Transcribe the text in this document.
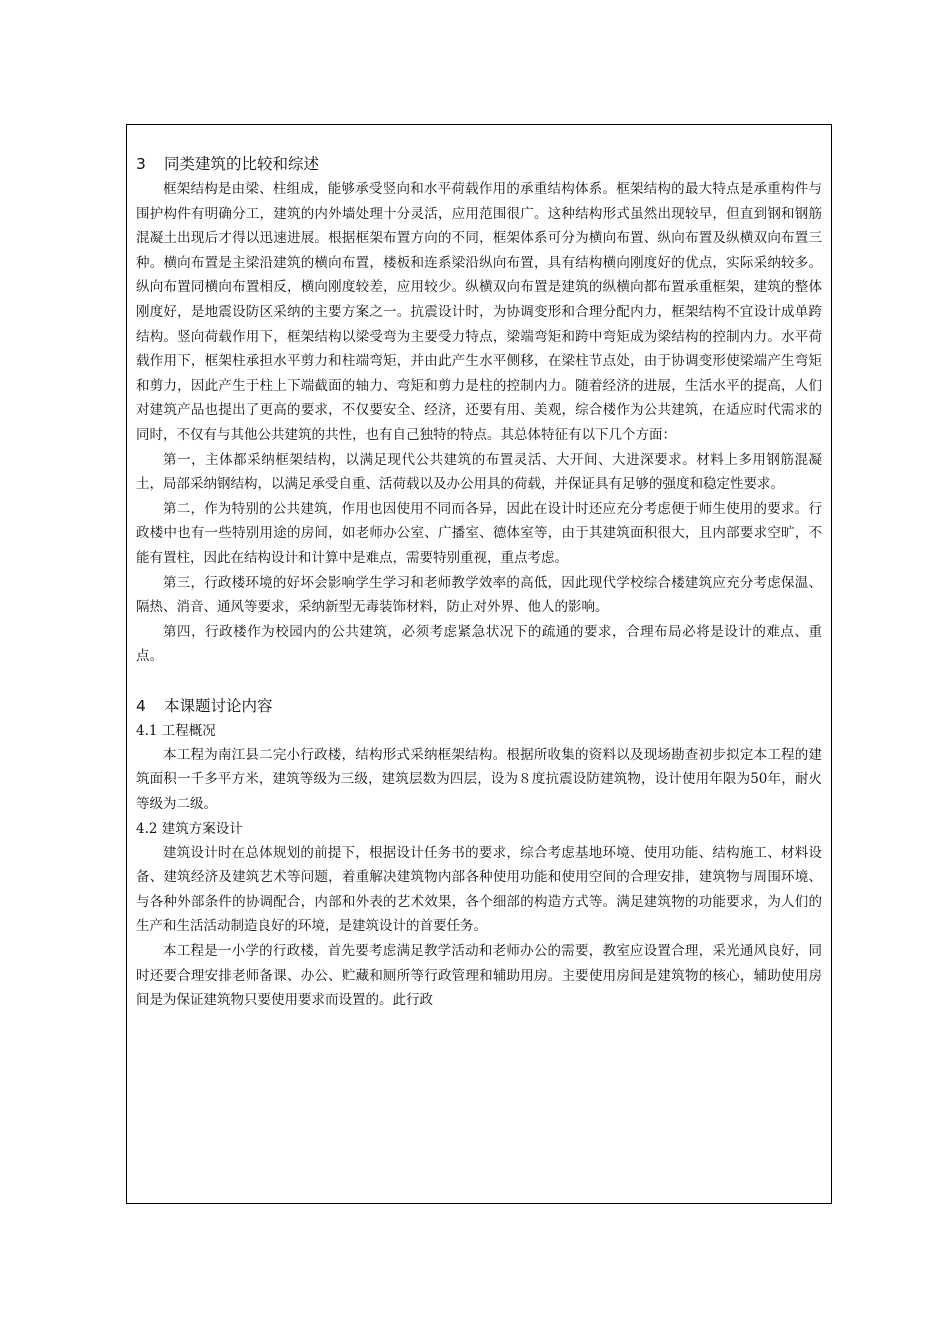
3 同类建筑的比较和综述

框架结构是由梁、柱组成，能够承受竖向和水平荷载作用的承重结构体系。框架结构的最大特点是承重构件与围护构件有明确分工，建筑的内外墙处理十分灵活，应用范围很广。这种结构形式虽然出现较早，但直到钢和钢筋混凝土出现后才得以迅速进展。根据框架布置方向的不同，框架体系可分为横向布置、纵向布置及纵横双向布置三种。横向布置是主梁沿建筑的横向布置，楼板和连系梁沿纵向布置，具有结构横向刚度好的优点，实际采纳较多。纵向布置同横向布置相反，横向刚度较差，应用较少。纵横双向布置是建筑的纵横向都布置承重框架，建筑的整体刚度好，是地震设防区采纳的主要方案之一。抗震设计时，为协调变形和合理分配内力，框架结构不宜设计成单跨结构。竖向荷载作用下，框架结构以梁受弯为主要受力特点，梁端弯矩和跨中弯矩成为梁结构的控制内力。水平荷载作用下，框架柱承担水平剪力和柱端弯矩，并由此产生水平侧移，在梁柱节点处，由于协调变形使梁端产生弯矩和剪力，因此产生于柱上下端截面的轴力、弯矩和剪力是柱的控制内力。随着经济的进展，生活水平的提高，人们对建筑产品也提出了更高的要求，不仅要安全、经济，还要有用、美观，综合楼作为公共建筑，在适应时代需求的同时，不仅有与其他公共建筑的共性，也有自己独特的特点。其总体特征有以下几个方面：

第一，主体都采纳框架结构，以满足现代公共建筑的布置灵活、大开间、大进深要求。材料上多用钢筋混凝土，局部采纳钢结构，以满足承受自重、活荷载以及办公用具的荷载，并保证具有足够的强度和稳定性要求。

第二，作为特别的公共建筑，作用也因使用不同而各异，因此在设计时还应充分考虑便于师生使用的要求。行政楼中也有一些特别用途的房间，如老师办公室、广播室、德体室等，由于其建筑面积很大，且内部要求空旷，不能有置柱，因此在结构设计和计算中是难点，需要特别重视，重点考虑。

第三，行政楼环境的好坏会影响学生学习和老师教学效率的高低，因此现代学校综合楼建筑应充分考虑保温、隔热、消音、通风等要求，采纳新型无毒装饰材料，防止对外界、他人的影响。

第四，行政楼作为校园内的公共建筑，必须考虑紧急状况下的疏通的要求，合理布局必将是设计的难点、重点。

4 本课题讨论内容
4.1 工程概况

本工程为南江县二完小行政楼，结构形式采纳框架结构。根据所收集的资料以及现场勘查初步拟定本工程的建筑面积一千多平方米，建筑等级为三级，建筑层数为四层，设为８度抗震设防建筑物，设计使用年限为50年，耐火等级为二级。

4.2 建筑方案设计

建筑设计时在总体规划的前提下，根据设计任务书的要求，综合考虑基地环境、使用功能、结构施工、材料设备、建筑经济及建筑艺术等问题，着重解决建筑物内部各种使用功能和使用空间的合理安排，建筑物与周围环境、与各种外部条件的协调配合，内部和外表的艺术效果，各个细部的构造方式等。满足建筑物的功能要求，为人们的生产和生活活动制造良好的环境，是建筑设计的首要任务。

本工程是一小学的行政楼，首先要考虑满足教学活动和老师办公的需要，教室应设置合理，采光通风良好，同时还要合理安排老师备课、办公、贮藏和厕所等行政管理和辅助用房。主要使用房间是建筑物的核心，辅助使用房间是为保证建筑物只要使用要求而设置的。此行政
